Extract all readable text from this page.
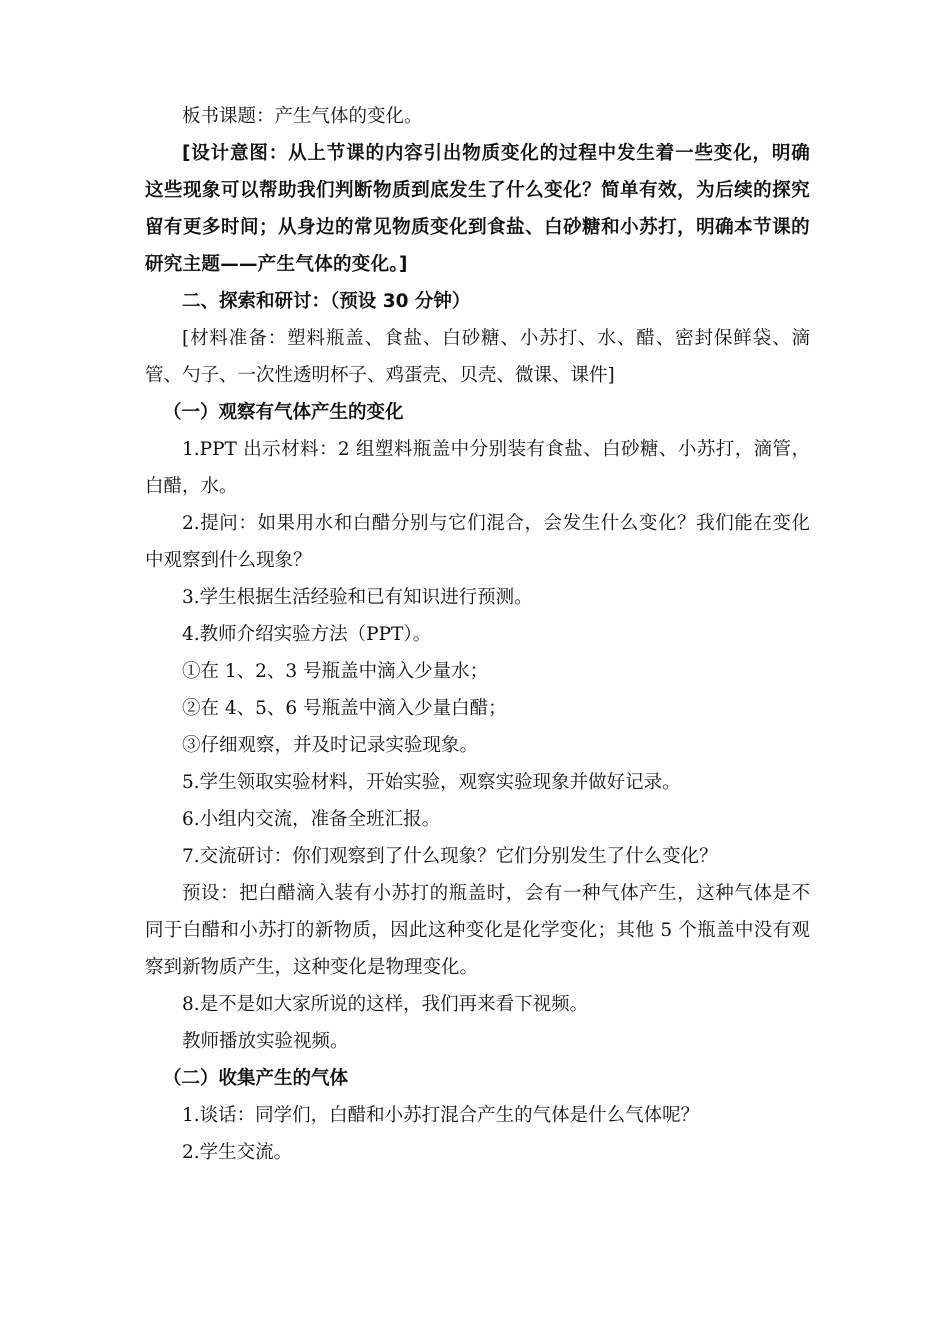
板书课题：产生气体的变化。

[设计意图：从上节课的内容引出物质变化的过程中发生着一些变化，明确这些现象可以帮助我们判断物质到底发生了什么变化？简单有效，为后续的探究留有更多时间；从身边的常见物质变化到食盐、白砂糖和小苏打，明确本节课的研究主题——产生气体的变化。]

二、探索和研讨：（预设 30 分钟）

[材料准备：塑料瓶盖、食盐、白砂糖、小苏打、水、醋、密封保鲜袋、滴管、勺子、一次性透明杯子、鸡蛋壳、贝壳、微课、课件]

（一）观察有气体产生的变化

1.PPT 出示材料：2 组塑料瓶盖中分别装有食盐、白砂糖、小苏打，滴管，白醋，水。

2.提问：如果用水和白醋分别与它们混合，会发生什么变化？我们能在变化中观察到什么现象？

3.学生根据生活经验和已有知识进行预测。

4.教师介绍实验方法（PPT）。

①在 1、2、3 号瓶盖中滴入少量水；

②在 4、5、6 号瓶盖中滴入少量白醋；

③仔细观察，并及时记录实验现象。

5.学生领取实验材料，开始实验，观察实验现象并做好记录。

6.小组内交流，准备全班汇报。

7.交流研讨：你们观察到了什么现象？它们分别发生了什么变化？

预设：把白醋滴入装有小苏打的瓶盖时，会有一种气体产生，这种气体是不同于白醋和小苏打的新物质，因此这种变化是化学变化；其他 5 个瓶盖中没有观察到新物质产生，这种变化是物理变化。

8.是不是如大家所说的这样，我们再来看下视频。

教师播放实验视频。

（二）收集产生的气体

1.谈话：同学们，白醋和小苏打混合产生的气体是什么气体呢？

2.学生交流。
